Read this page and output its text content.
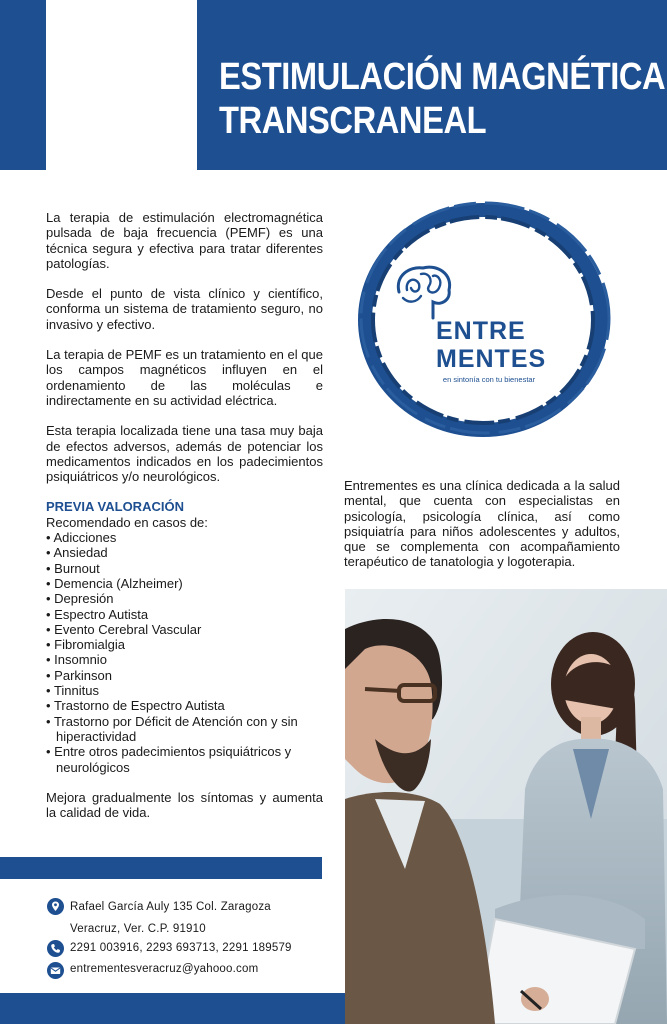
ESTIMULACIÓN MAGNÉTICA
TRANSCRANEAL

La terapia de estimulación electromagnética pulsada de baja frecuencia (PEMF) es una técnica segura y efectiva para tratar diferentes patologías.

Desde el punto de vista clínico y científico, conforma un sistema de tratamiento seguro, no invasivo y efectivo.

La terapia de PEMF es un tratamiento en el que los campos magnéticos influyen en el ordenamiento de las moléculas e indirectamente en su actividad eléctrica.

Esta terapia localizada tiene una tasa muy baja de efectos adversos, además de potenciar los medicamentos indicados en los padecimientos psiquiátricos y/o neurológicos.

PREVIA VALORACIÓN
Recomendado en casos de:
• Adicciones
• Ansiedad
• Burnout
• Demencia (Alzheimer)
• Depresión
• Espectro Autista
• Evento Cerebral Vascular
• Fibromialgia
• Insomnio
• Parkinson
• Tinnitus
• Trastorno de Espectro Autista
• Trastorno por Déficit de Atención con y sin hiperactividad
• Entre otros padecimientos psiquiátricos y neurológicos

Mejora gradualmente los síntomas y aumenta la calidad de vida.

ENTRE
MENTES
en sintonía con tu bienestar

Entrementes es una clínica dedicada a la salud mental, que cuenta con especialistas en psicología, psicología clínica, así como psiquiatría para niños adolescentes y adultos, que se complementa con acompañamiento terapéutico de tanatologia y logoterapia.

Rafael García Auly 135 Col. Zaragoza
Veracruz, Ver. C.P. 91910
2291 003916, 2293 693713, 2291 189579
entrementesveracruz@yahooo.com
